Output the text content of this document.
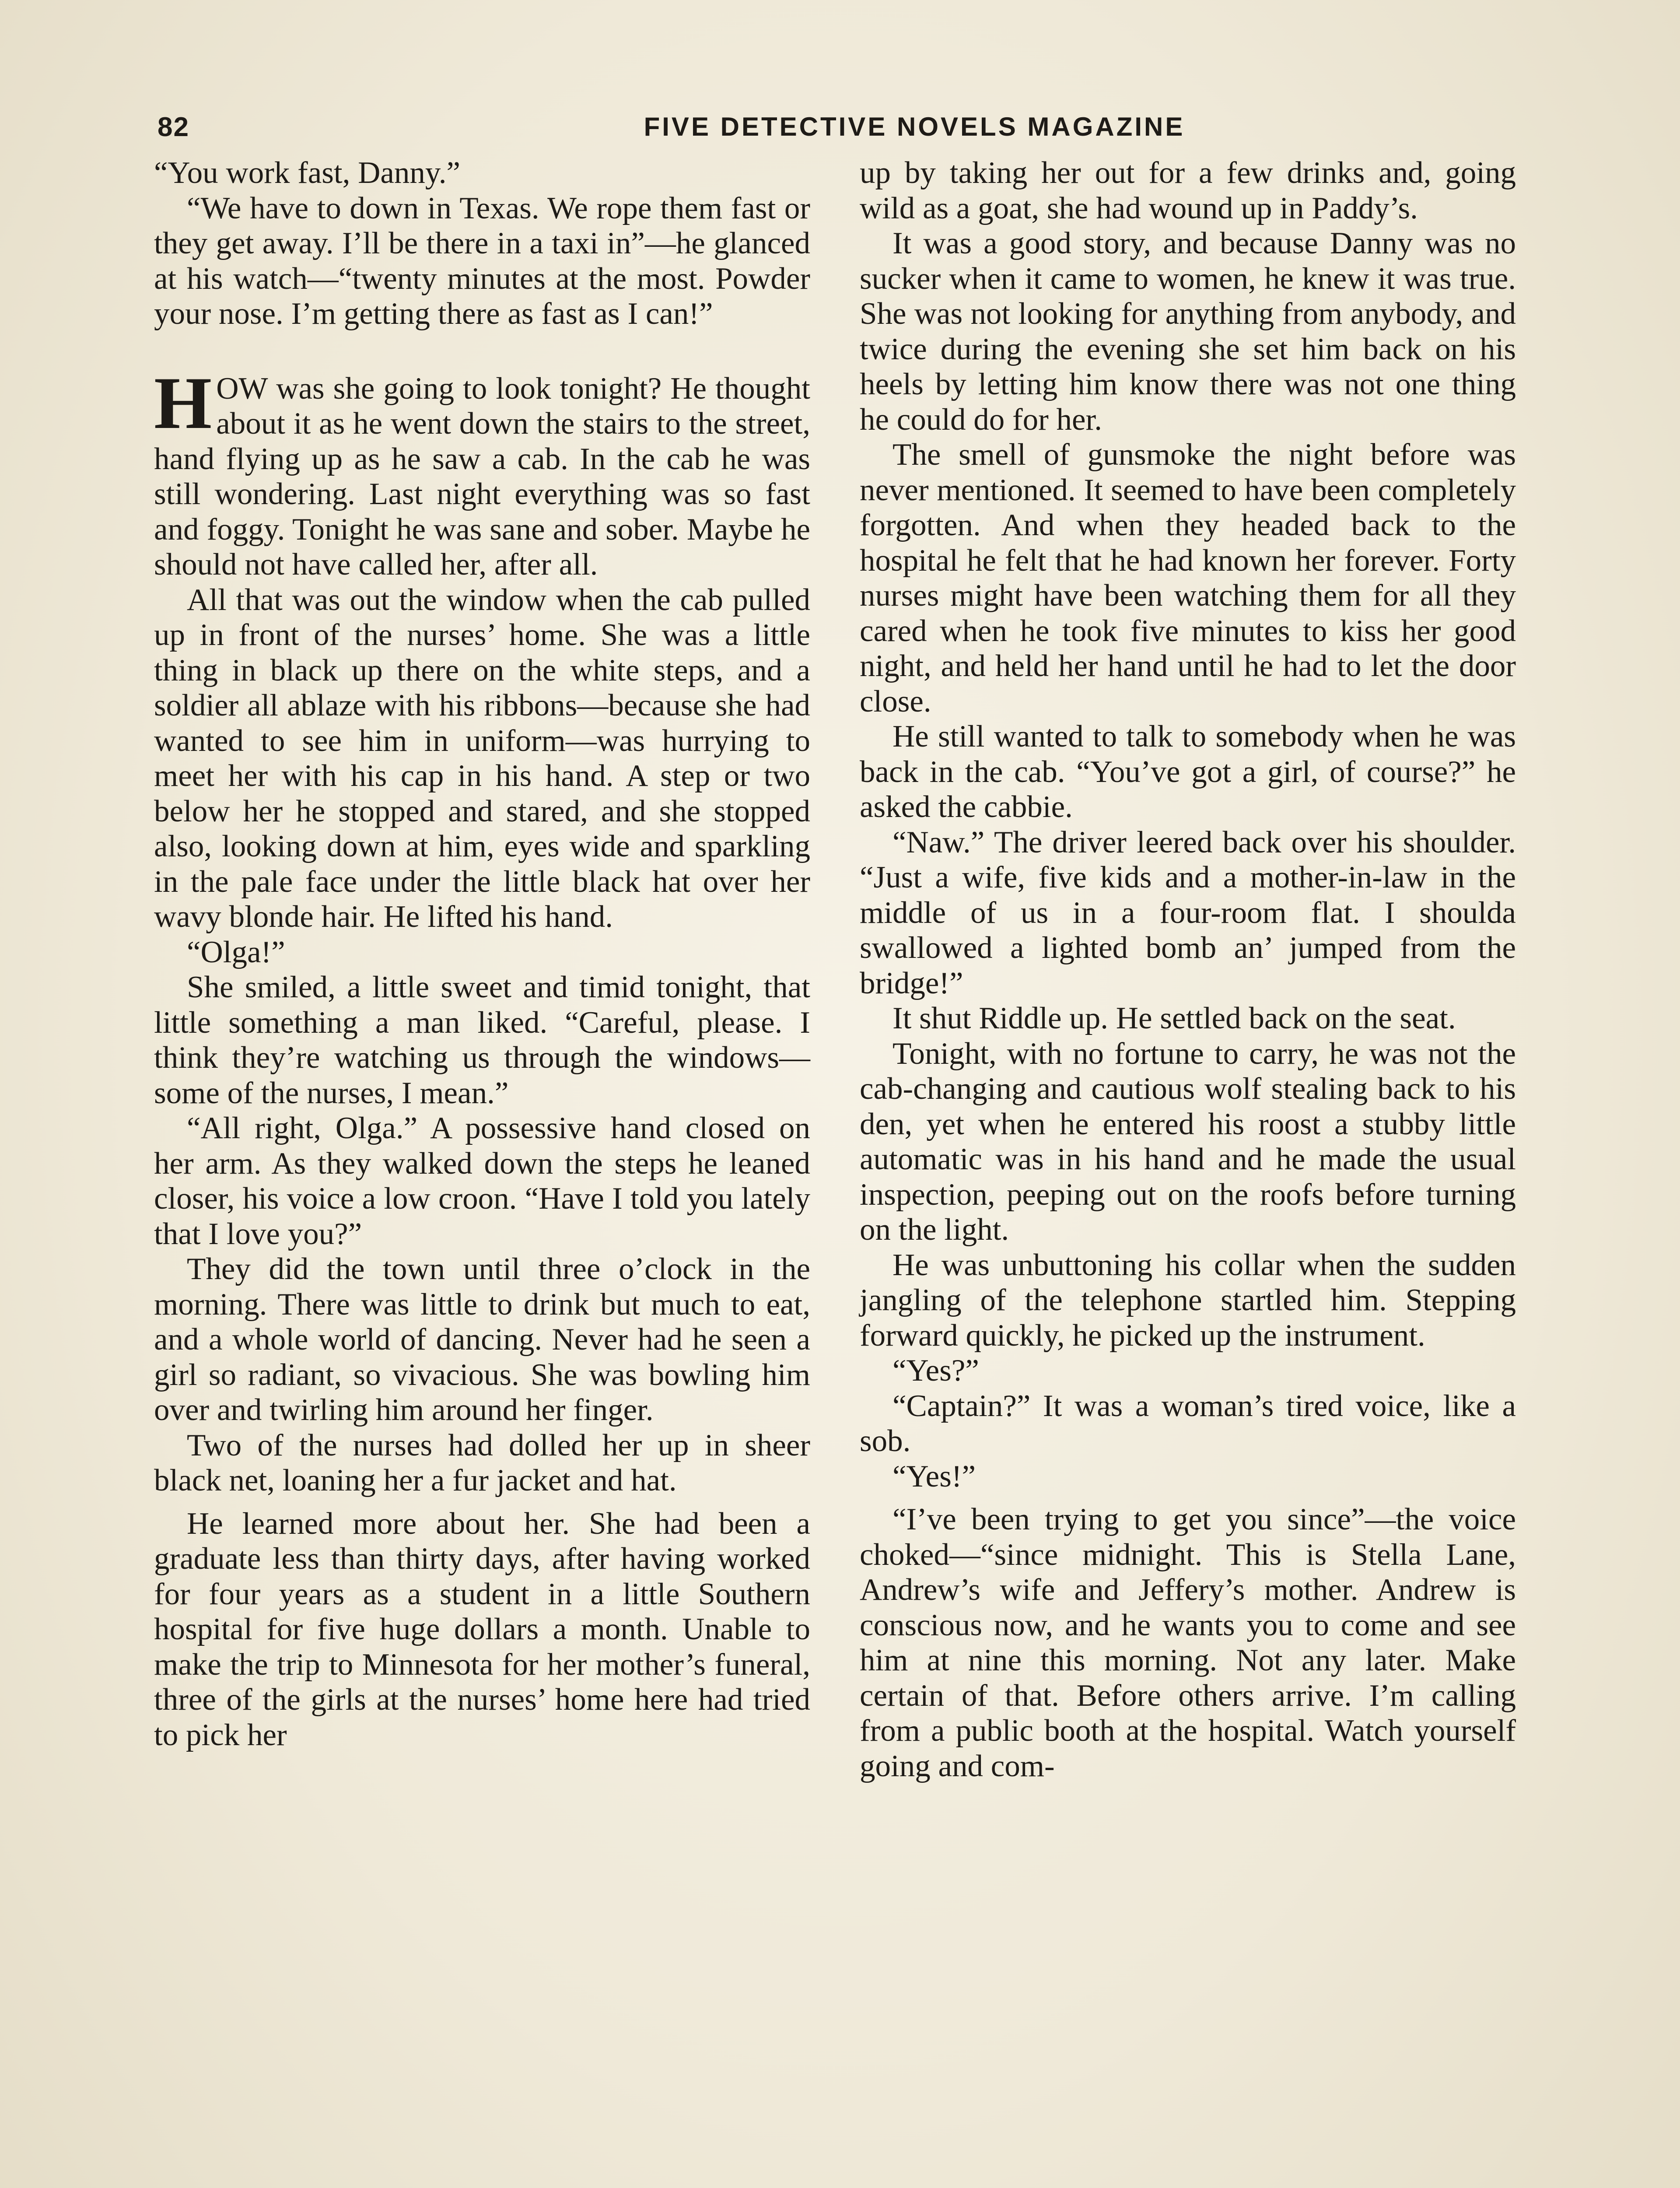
82	FIVE DETECTIVE NOVELS MAGAZINE

“You work fast, Danny.”

“We have to down in Texas. We rope them fast or they get away. I’ll be there in a taxi in”—he glanced at his watch—“twenty minutes at the most. Powder your nose. I’m getting there as fast as I can!”

HOW was she going to look tonight? He thought about it as he went down the stairs to the street, hand flying up as he saw a cab. In the cab he was still wondering. Last night everything was so fast and foggy. Tonight he was sane and sober. Maybe he should not have called her, after all.

All that was out the window when the cab pulled up in front of the nurses’ home. She was a little thing in black up there on the white steps, and a soldier all ablaze with his ribbons—because she had wanted to see him in uniform—was hurrying to meet her with his cap in his hand. A step or two below her he stopped and stared, and she stopped also, looking down at him, eyes wide and sparkling in the pale face under the little black hat over her wavy blonde hair. He lifted his hand.

“Olga!”

She smiled, a little sweet and timid tonight, that little something a man liked. “Careful, please. I think they’re watching us through the windows—some of the nurses, I mean.”

“All right, Olga.” A possessive hand closed on her arm. As they walked down the steps he leaned closer, his voice a low croon. “Have I told you lately that I love you?”

They did the town until three o’clock in the morning. There was little to drink but much to eat, and a whole world of dancing. Never had he seen a girl so radiant, so vivacious. She was bowling him over and twirling him around her finger.

Two of the nurses had dolled her up in sheer black net, loaning her a fur jacket and hat.

He learned more about her. She had been a graduate less than thirty days, after having worked for four years as a student in a little Southern hospital for five huge dollars a month. Unable to make the trip to Minnesota for her mother’s funeral, three of the girls at the nurses’ home here had tried to pick her

up by taking her out for a few drinks and, going wild as a goat, she had wound up in Paddy’s.

It was a good story, and because Danny was no sucker when it came to women, he knew it was true. She was not looking for anything from anybody, and twice during the evening she set him back on his heels by letting him know there was not one thing he could do for her.

The smell of gunsmoke the night before was never mentioned. It seemed to have been completely forgotten. And when they headed back to the hospital he felt that he had known her forever. Forty nurses might have been watching them for all they cared when he took five minutes to kiss her good night, and held her hand until he had to let the door close.

He still wanted to talk to somebody when he was back in the cab. “You’ve got a girl, of course?” he asked the cabbie.

“Naw.” The driver leered back over his shoulder. “Just a wife, five kids and a mother-in-law in the middle of us in a four-room flat. I shoulda swallowed a lighted bomb an’ jumped from the bridge!”

It shut Riddle up. He settled back on the seat.

Tonight, with no fortune to carry, he was not the cab-changing and cautious wolf stealing back to his den, yet when he entered his roost a stubby little automatic was in his hand and he made the usual inspection, peeping out on the roofs before turning on the light.

He was unbuttoning his collar when the sudden jangling of the telephone startled him. Stepping forward quickly, he picked up the instrument.

“Yes?”

“Captain?” It was a woman’s tired voice, like a sob.

“Yes!”

“I’ve been trying to get you since”—the voice choked—“since midnight. This is Stella Lane, Andrew’s wife and Jeffery’s mother. Andrew is conscious now, and he wants you to come and see him at nine this morning. Not any later. Make certain of that. Before others arrive. I’m calling from a public booth at the hospital. Watch yourself going and com-
